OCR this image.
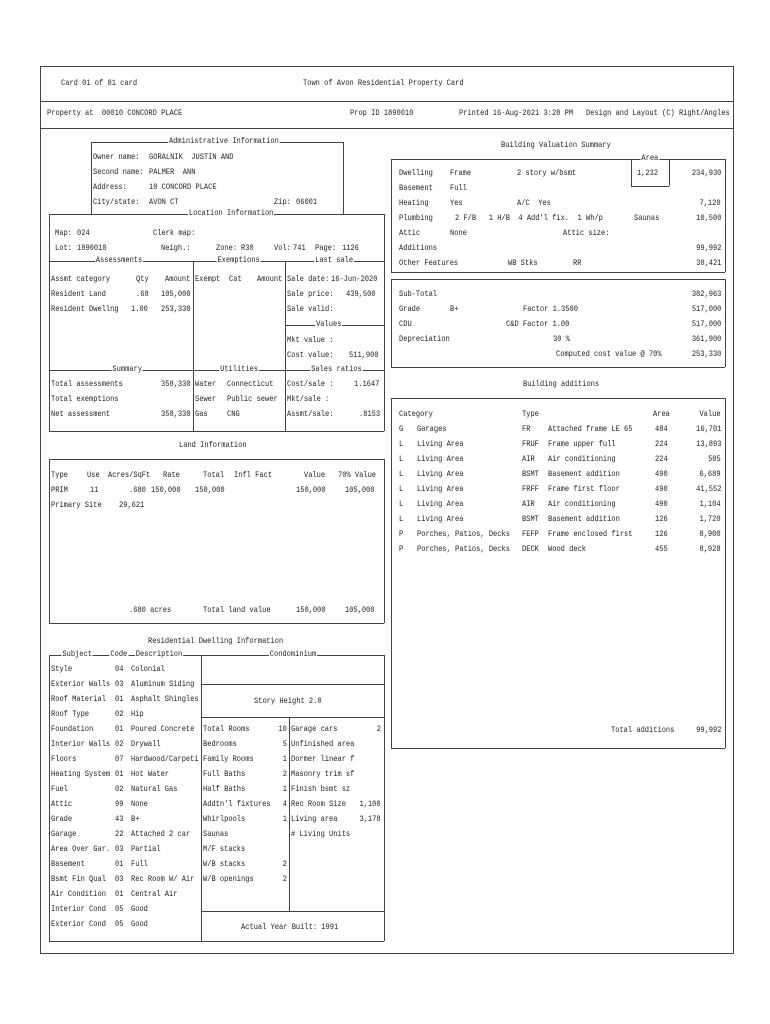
Card 01 of 01 card	Town of Avon Residential Property Card
Property at  00010 CONCORD PLACE	Prop ID 1890010	Printed 16-Aug-2021 3:28 PM Design and Layout (C) Right/Angles
Administrative Information
Owner name: GORALNIK  JUSTIN AND
Second name: PALMER  ANN
Address:	10 CONCORD PLACE
City/state: AVON CT	Zip: 06001
Location Information
Map: 024	Clerk map:
Lot: 1890010	Neigh.:	Zone: R30 Vol: 741 Page: 1126
Assessments	Exemptions	Last sale
Assmt category	Qty Amount
Resident Land	.68 105,000
Resident Dwellng 1.00 253,330
Exempt Cat Amount Sale date: 16-Jun-2020
Sale price: 439,500
Sale valid:
Values
Mkt value :
Cost value: 511,900
Summary	Utilities	Sales ratios
Total assessments	358,330
Total exemptions
Net assessment	358,330
Water Connecticut
Sewer Public sewer
Gas CNG
Cost/sale :	1.1647
Mkt/sale :
Assmt/sale:	.8153
Land Information
Type Use Acres/SqFt Rate	Total Infl Fact	Value 70% Value
PRIM	11	.680 150,000 150,000	150,000 105,000
Primary Site 29,621
.680 acres	Total land value	150,000 105,000
Residential Dwelling Information
Subject Code Description	Condominium
Style	04 Colonial
Exterior Walls 03 Aluminum Siding
Roof Material 01 Asphalt Shingles
Roof Type	02 Hip
Foundation	01 Poured Concrete
Interior Walls 02 Drywall
Floors	07 Hardwood/Carpeti
Heating System 01 Hot Water
Fuel	02 Natural Gas
Attic	99 None
Grade	43 B+
Garage	22 Attached 2 car
Area Over Gar. 03 Partial
Basement	01 Full
Bsmt Fin Qual 03 Rec Room W/ Air
Air Condition 01 Central Air
Interior Cond 05 Good
Exterior Cond 05 Good
Story Height 2.0
Total Rooms	10
Bedrooms	5
Family Rooms	1
Full Baths	2
Half Baths	1
Addtn'l fixtures 4
Whirlpools	1
Saunas
M/F stacks
W/B stacks	2
W/B openings	2
Garage cars	2
Unfinished area
Dormer linear f
Masonry trim sf
Finish bsmt sz
Rec Room Size 1,100
Living area	3,178
# Living Units
Actual Year Built: 1991
Building Valuation Summary
Area
Dwelling Frame	2 story w/bsmt	1,232	234,930
Basement Full
Heating	Yes	A/C  Yes	7,120
Plumbing	2 F/B   1 H/B  4 Add'l fix.  1 Wh/p	Saunas	10,500
Attic	None	Attic size:
Additions	99,992
Other Features	WB Stks	RR	30,421
Sub-Total	382,963
Grade	B+	Factor 1.3500	517,000
CDU	C&D Factor 1.00	517,000
Depreciation	30 %	361,900
Computed cost value @ 70%	253,330
Building additions
Category	Type	Area	Value
G Garages	FR Attached frame LE 65	484	16,701
L Living Area	FRUF Frame upper full	224	13,893
L Living Area	AIR Air conditioning	224	505
L Living Area	BSMT Basement addition	490	6,689
L Living Area	FRFF Frame first floor	490	41,552
L Living Area	AIR Air conditioning	490	1,104
L Living Area	BSMT Basement addition	126	1,720
P Porches, Patios, Decks FEFP Frame enclosed first	126	8,900
P Porches, Patios, Decks DECK Wood deck	455	8,928
Total additions	99,992
